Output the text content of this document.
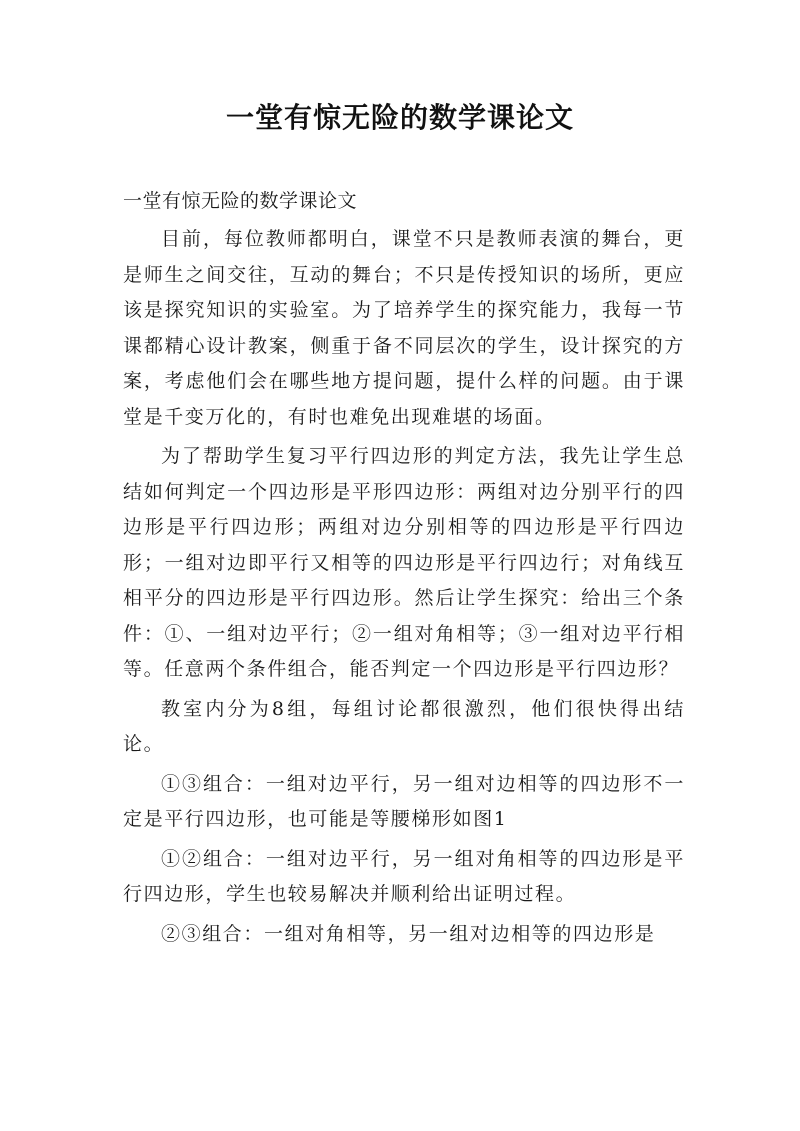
一堂有惊无险的数学课论文
一堂有惊无险的数学课论文

目前，每位教师都明白，课堂不只是教师表演的舞台，更是师生之间交往，互动的舞台；不只是传授知识的场所，更应该是探究知识的实验室。为了培养学生的探究能力，我每一节课都精心设计教案，侧重于备不同层次的学生，设计探究的方案，考虑他们会在哪些地方提问题，提什么样的问题。由于课堂是千变万化的，有时也难免出现难堪的场面。

为了帮助学生复习平行四边形的判定方法，我先让学生总结如何判定一个四边形是平形四边形：两组对边分别平行的四边形是平行四边形；两组对边分别相等的四边形是平行四边形；一组对边即平行又相等的四边形是平行四边行；对角线互相平分的四边形是平行四边形。然后让学生探究：给出三个条件：①、一组对边平行；②一组对角相等；③一组对边平行相等。任意两个条件组合，能否判定一个四边形是平行四边形？

教室内分为8组，每组讨论都很激烈，他们很快得出结论。

①③组合：一组对边平行，另一组对边相等的四边形不一定是平行四边形，也可能是等腰梯形如图1

①②组合：一组对边平行，另一组对角相等的四边形是平行四边形，学生也较易解决并顺利给出证明过程。

②③组合：一组对角相等，另一组对边相等的四边形是
